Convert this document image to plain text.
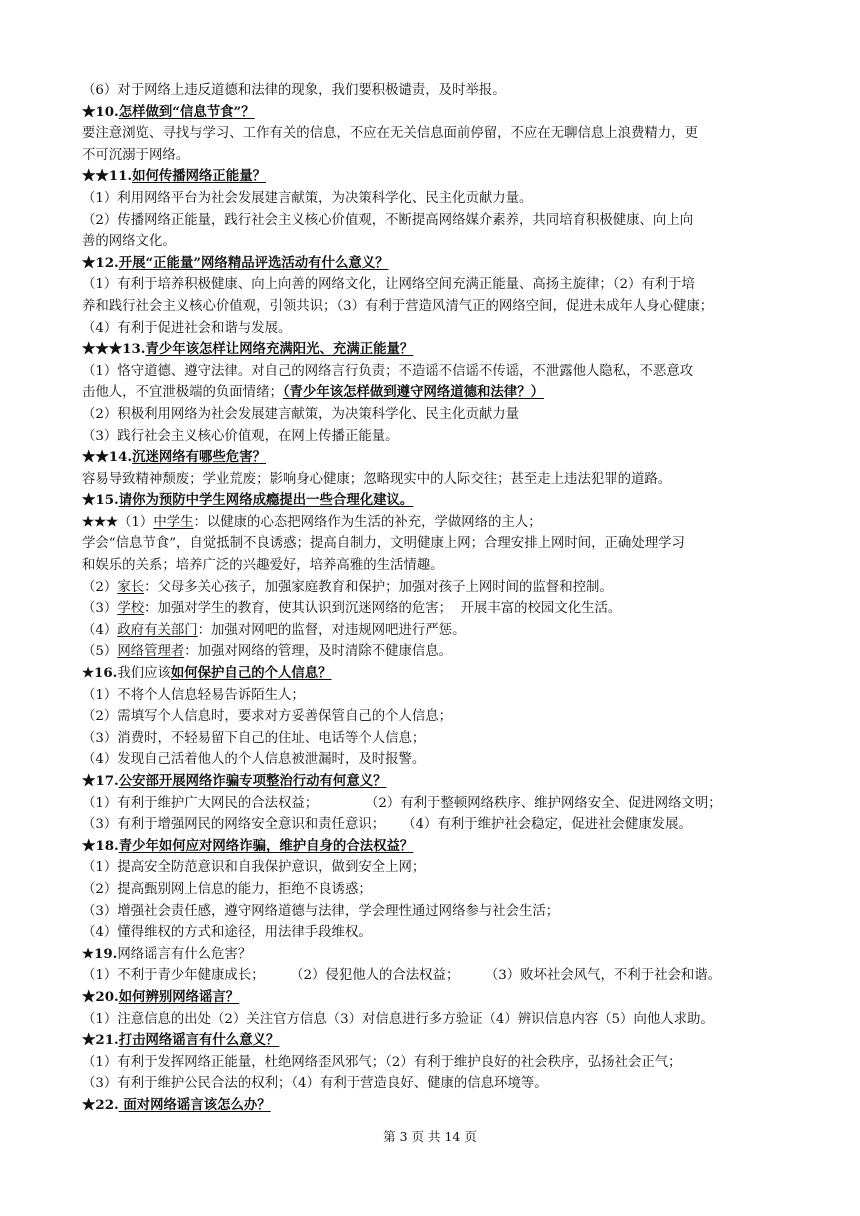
（6）对于网络上违反道德和法律的现象，我们要积极谴责，及时举报。
★10.怎样做到“信息节食”？
要注意浏览、寻找与学习、工作有关的信息，不应在无关信息面前停留，不应在无聊信息上浪费精力，更
不可沉溺于网络。
★★11.如何传播网络正能量？
（1）利用网络平台为社会发展建言献策，为决策科学化、民主化贡献力量。
（2）传播网络正能量，践行社会主义核心价值观，不断提高网络媒介素养，共同培育积极健康、向上向
善的网络文化。
★12.开展“正能量”网络精品评选活动有什么意义？
（1）有利于培养积极健康、向上向善的网络文化，让网络空间充满正能量、高扬主旋律；（2）有利于培
养和践行社会主义核心价值观，引领共识；（3）有利于营造风清气正的网络空间，促进未成年人身心健康；
（4）有利于促进社会和谐与发展。
★★★13.青少年该怎样让网络充满阳光、充满正能量？
（1）恪守道德、遵守法律。对自己的网络言行负责；不造谣不信谣不传谣，不泄露他人隐私，不恶意攻
击他人，不宜泄极端的负面情绪；（青少年该怎样做到遵守网络道德和法律？）
（2）积极利用网络为社会发展建言献策，为决策科学化、民主化贡献力量
（3）践行社会主义核心价值观，在网上传播正能量。
★★14.沉迷网络有哪些危害？
容易导致精神颓废；学业荒废；影响身心健康；忽略现实中的人际交往；甚至走上违法犯罪的道路。
★15.请你为预防中学生网络成瘾提出一些合理化建议。
★★★（1）中学生：以健康的心态把网络作为生活的补充，学做网络的主人；
学会“信息节食”，自觉抵制不良诱惑；提高自制力，文明健康上网；合理安排上网时间，正确处理学习
和娱乐的关系；培养广泛的兴趣爱好，培养高雅的生活情趣。
（2）家长：父母多关心孩子，加强家庭教育和保护；加强对孩子上网时间的监督和控制。
（3）学校：加强对学生的教育，使其认识到沉迷网络的危害；  开展丰富的校园文化生活。
（4）政府有关部门：加强对网吧的监督，对违规网吧进行严惩。
（5）网络管理者：加强对网络的管理，及时清除不健康信息。
★16.我们应该如何保护自己的个人信息？
（1）不将个人信息轻易告诉陌生人；
（2）需填写个人信息时，要求对方妥善保管自己的个人信息；
（3）消费时，不轻易留下自己的住址、电话等个人信息；
（4）发现自己活着他人的个人信息被泄漏时，及时报警。
★17.公安部开展网络诈骗专项整治行动有何意义？
（1）有利于维护广大网民的合法权益；           （2）有利于整顿网络秩序、维护网络安全、促进网络文明；
（3）有利于增强网民的网络安全意识和责任意识；    （4）有利于维护社会稳定，促进社会健康发展。
★18.青少年如何应对网络诈骗，维护自身的合法权益？
（1）提高安全防范意识和自我保护意识，做到安全上网；
（2）提高甄别网上信息的能力，拒绝不良诱惑；
（3）增强社会责任感，遵守网络道德与法律，学会理性通过网络参与社会生活；
（4）懂得维权的方式和途径，用法律手段维权。
★19.网络谣言有什么危害？
（1）不利于青少年健康成长；      （2）侵犯他人的合法权益；      （3）败坏社会风气，不利于社会和谐。
★20.如何辨别网络谣言？
（1）注意信息的出处（2）关注官方信息（3）对信息进行多方验证（4）辨识信息内容（5）向他人求助。
★21.打击网络谣言有什么意义？
（1）有利于发挥网络正能量，杜绝网络歪风邪气；（2）有利于维护良好的社会秩序，弘扬社会正气；
（3）有利于维护公民合法的权利；（4）有利于营造良好、健康的信息环境等。
★22. 面对网络谣言该怎么办？
第 3 页 共 14 页
